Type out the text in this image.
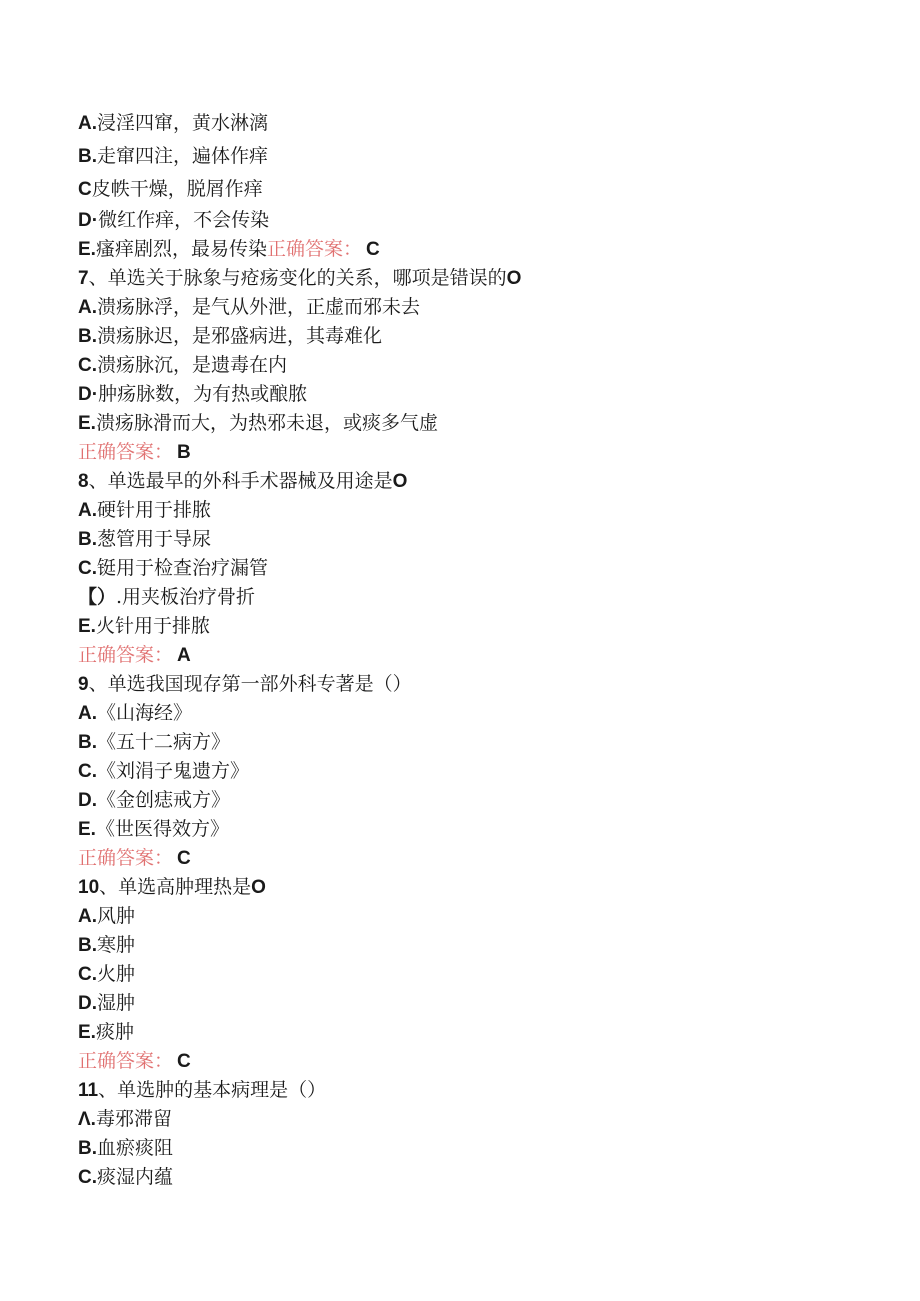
A.浸淫四窜，黄水淋漓
B.走窜四注，遍体作痒
C皮帙干燥，脱屑作痒
D·微红作痒，不会传染
E.瘙痒剧烈，最易传染正确答案： C
7、单选关于脉象与疮疡变化的关系，哪项是错误的O
A.溃疡脉浮，是气从外泄，正虚而邪未去
B.溃疡脉迟，是邪盛病进，其毒难化
C.溃疡脉沉，是遗毒在内
D·肿疡脉数，为有热或酿脓
E.溃疡脉滑而大，为热邪未退，或痰多气虚
正确答案： B
8、单选最早的外科手术器械及用途是O
A.硬针用于排脓
B.葱管用于导尿
C.铤用于检查治疗漏管
【）.用夹板治疗骨折
E.火针用于排脓
正确答案： A
9、单选我国现存第一部外科专著是（）
A.《山海经》
B.《五十二病方》
C.《刘涓子鬼遗方》
D.《金创痣戒方》
E.《世医得效方》
正确答案： C
10、单选高肿理热是O
A.风肿
B.寒肿
C.火肿
D.湿肿
E.痰肿
正确答案： C
11、单选肿的基本病理是（）
Λ.毒邪滞留
B.血瘀痰阻
C.痰湿内蕴
